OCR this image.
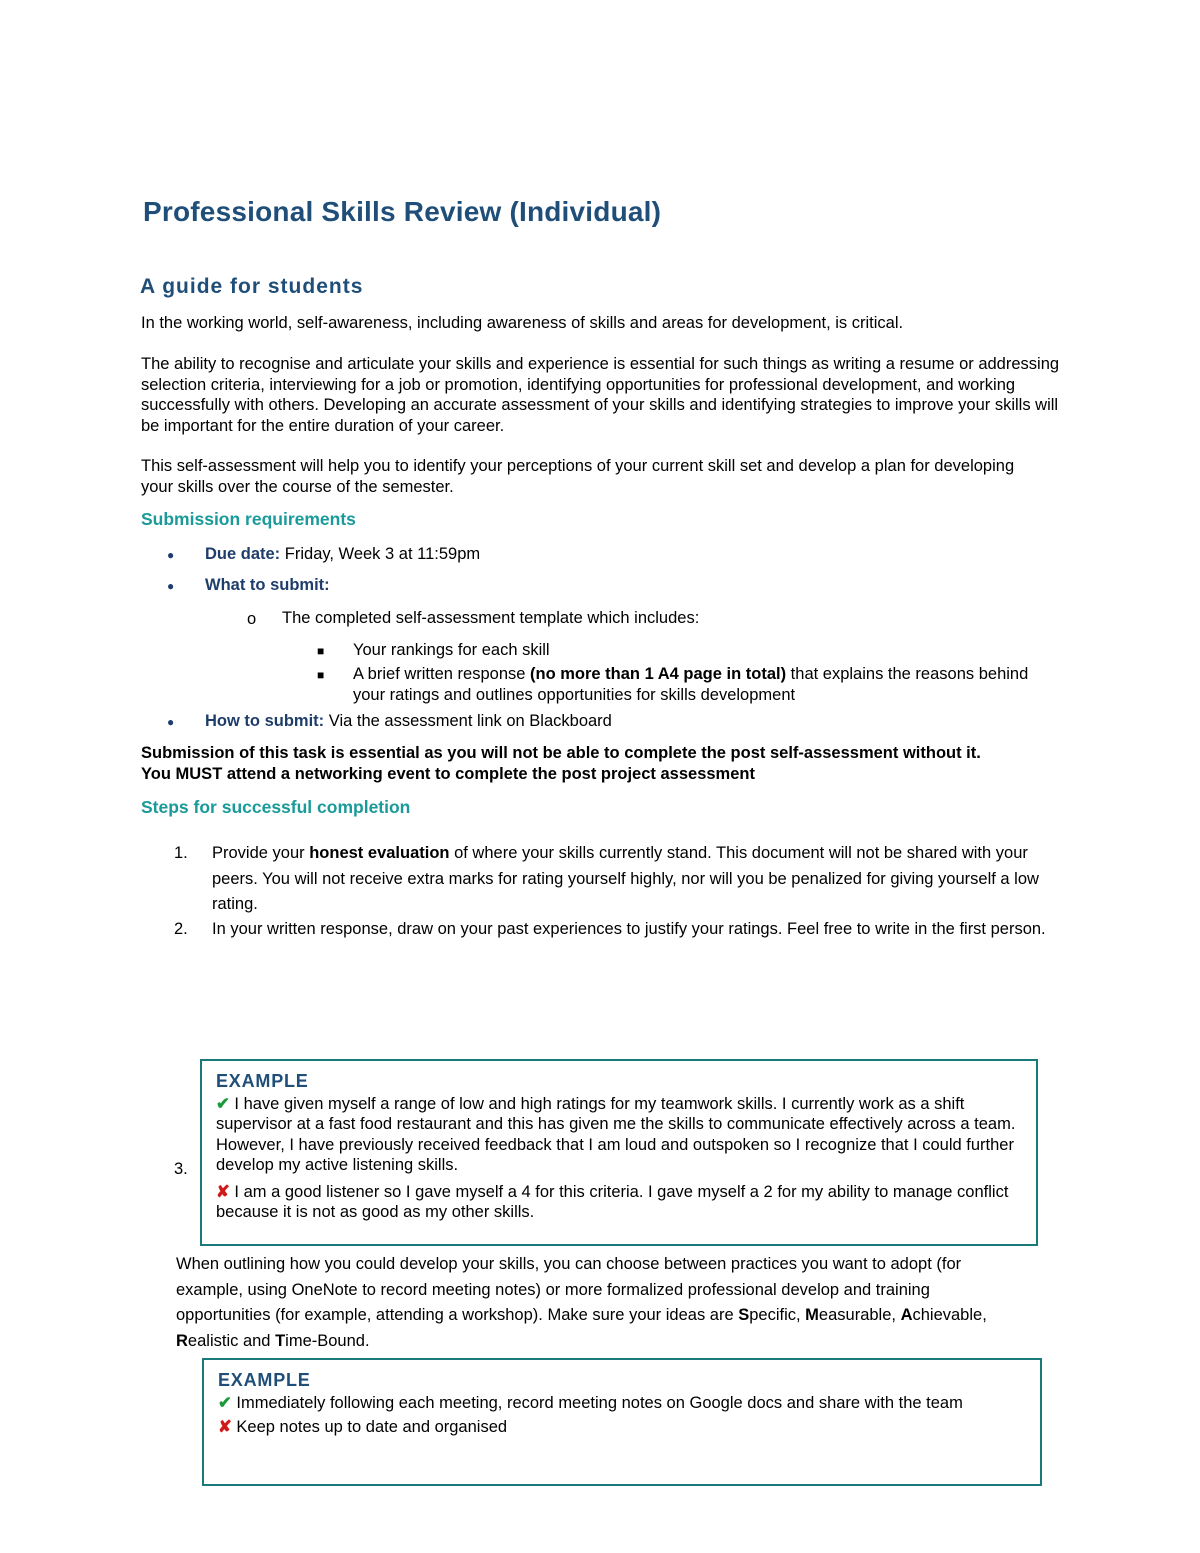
Professional Skills Review (Individual)
A guide for students
In the working world, self-awareness, including awareness of skills and areas for development, is critical.
The ability to recognise and articulate your skills and experience is essential for such things as writing a resume or addressing selection criteria, interviewing for a job or promotion, identifying opportunities for professional development, and working successfully with others. Developing an accurate assessment of your skills and identifying strategies to improve your skills will be important for the entire duration of your career.
This self-assessment will help you to identify your perceptions of your current skill set and develop a plan for developing your skills over the course of the semester.
Submission requirements
● Due date: Friday, Week 3 at 11:59pm
● What to submit:
o The completed self-assessment template which includes:
■ Your rankings for each skill
■ A brief written response (no more than 1 A4 page in total) that explains the reasons behind your ratings and outlines opportunities for skills development
● How to submit: Via the assessment link on Blackboard
Submission of this task is essential as you will not be able to complete the post self-assessment without it.
You MUST attend a networking event to complete the post project assessment
Steps for successful completion
1. Provide your honest evaluation of where your skills currently stand. This document will not be shared with your peers. You will not receive extra marks for rating yourself highly, nor will you be penalized for giving yourself a low rating.
2. In your written response, draw on your past experiences to justify your ratings. Feel free to write in the first person.
3.
EXAMPLE
✔ I have given myself a range of low and high ratings for my teamwork skills. I currently work as a shift supervisor at a fast food restaurant and this has given me the skills to communicate effectively across a team. However, I have previously received feedback that I am loud and outspoken so I recognize that I could further develop my active listening skills.
✘ I am a good listener so I gave myself a 4 for this criteria. I gave myself a 2 for my ability to manage conflict because it is not as good as my other skills.
When outlining how you could develop your skills, you can choose between practices you want to adopt (for example, using OneNote to record meeting notes) or more formalized professional develop and training opportunities (for example, attending a workshop). Make sure your ideas are Specific, Measurable, Achievable, Realistic and Time-Bound.
EXAMPLE
✔ Immediately following each meeting, record meeting notes on Google docs and share with the team
✘ Keep notes up to date and organised
